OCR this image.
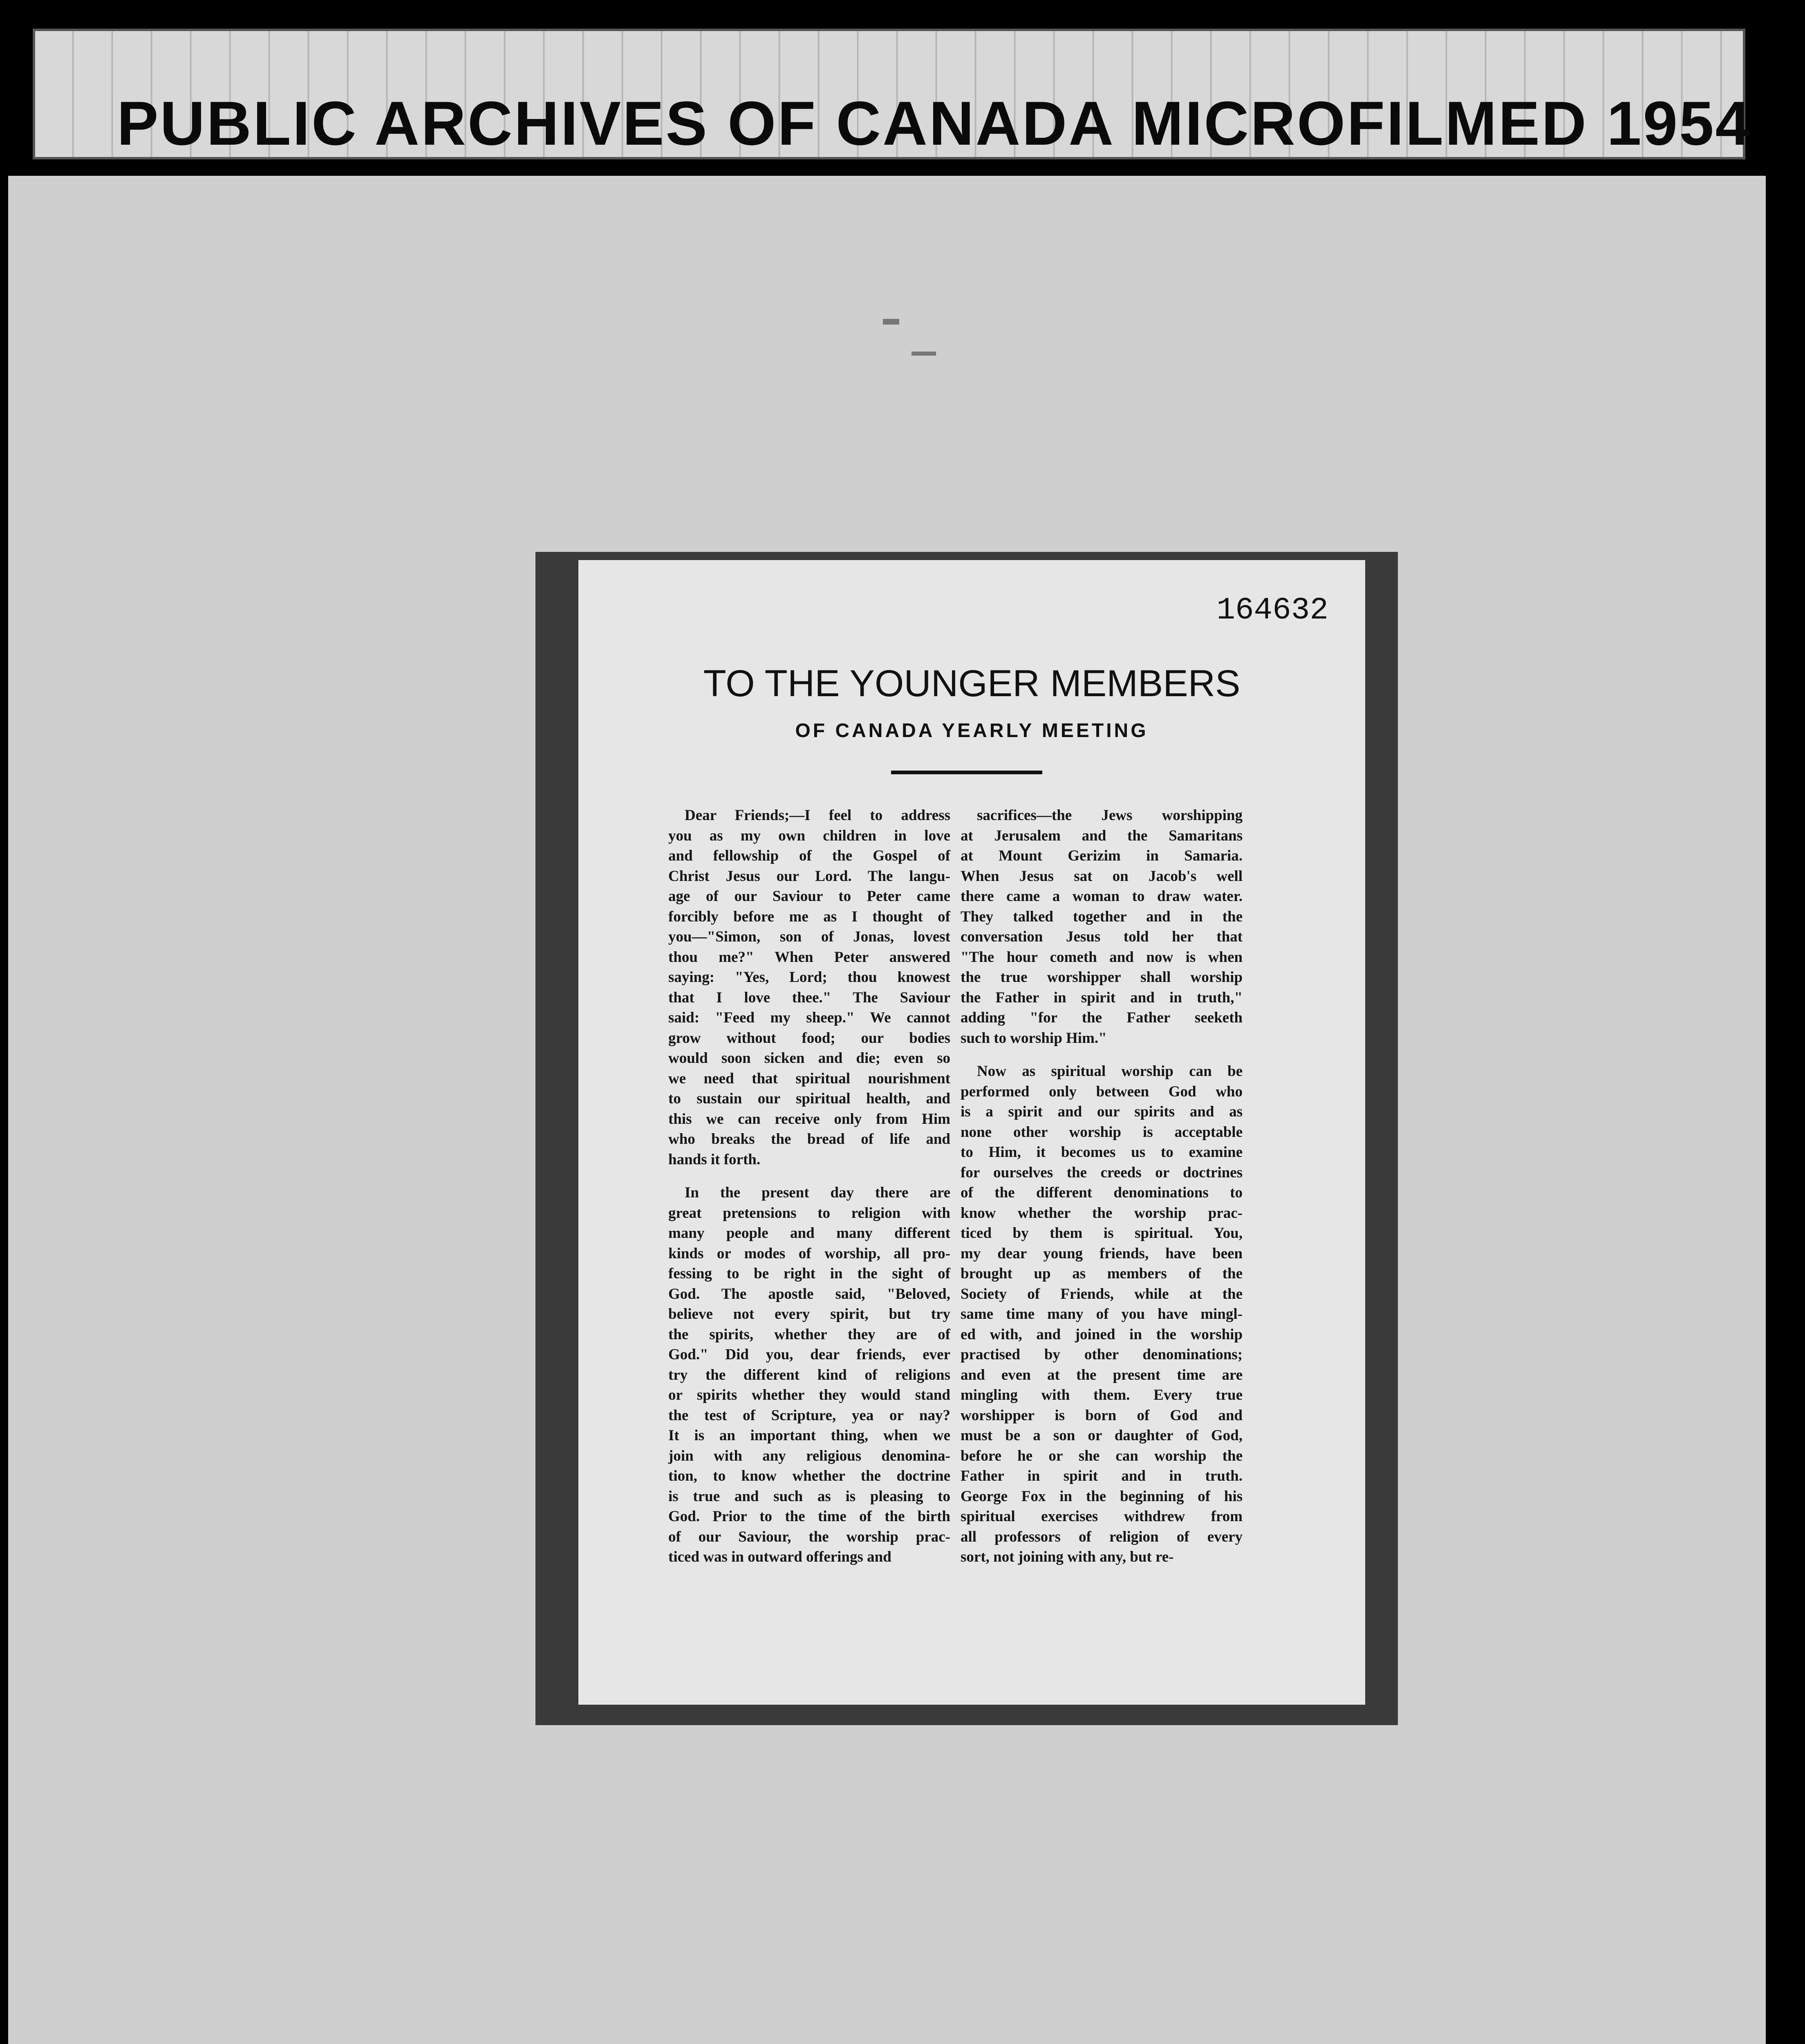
PUBLIC ARCHIVES OF CANADA MICROFILMED 1954
164632
TO THE YOUNGER MEMBERS
OF CANADA YEARLY MEETING
Dear Friends;—I feel to address
you as my own children in love
and fellowship of the Gospel of
Christ Jesus our Lord. The langu-
age of our Saviour to Peter came
forcibly before me as I thought of
you—"Simon, son of Jonas, lovest
thou me?" When Peter answered
saying: "Yes, Lord; thou knowest
that I love thee." The Saviour
said: "Feed my sheep." We cannot
grow without food; our bodies
would soon sicken and die; even so
we need that spiritual nourishment
to sustain our spiritual health, and
this we can receive only from Him
who breaks the bread of life and
hands it forth.
In the present day there are
great pretensions to religion with
many people and many different
kinds or modes of worship, all pro-
fessing to be right in the sight of
God. The apostle said, "Beloved,
believe not every spirit, but try
the spirits, whether they are of
God." Did you, dear friends, ever
try the different kind of religions
or spirits whether they would stand
the test of Scripture, yea or nay?
It is an important thing, when we
join with any religious denomina-
tion, to know whether the doctrine
is true and such as is pleasing to
God. Prior to the time of the birth
of our Saviour, the worship prac-
ticed was in outward offerings and
sacrifices—the Jews worshipping
at Jerusalem and the Samaritans
at Mount Gerizim in Samaria.
When Jesus sat on Jacob's well
there came a woman to draw water.
They talked together and in the
conversation Jesus told her that
"The hour cometh and now is when
the true worshipper shall worship
the Father in spirit and in truth,"
adding "for the Father seeketh
such to worship Him."
Now as spiritual worship can be
performed only between God who
is a spirit and our spirits and as
none other worship is acceptable
to Him, it becomes us to examine
for ourselves the creeds or doctrines
of the different denominations to
know whether the worship prac-
ticed by them is spiritual. You,
my dear young friends, have been
brought up as members of the
Society of Friends, while at the
same time many of you have mingl-
ed with, and joined in the worship
practised by other denominations;
and even at the present time are
mingling with them. Every true
worshipper is born of God and
must be a son or daughter of God,
before he or she can worship the
Father in spirit and in truth.
George Fox in the beginning of his
spiritual exercises withdrew from
all professors of religion of every
sort, not joining with any, but re-
